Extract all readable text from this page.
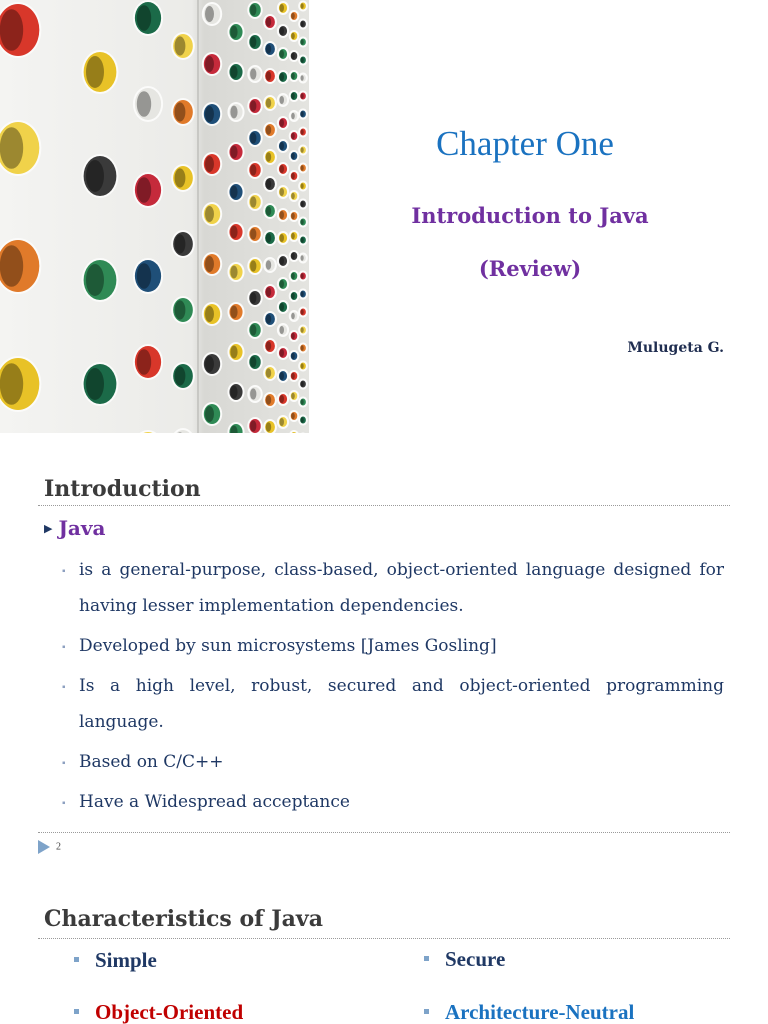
Chapter One
Introduction to Java
(Review)
Mulugeta G.
Introduction
▶ Java
▪ is a general-purpose, class-based, object-oriented language designed for having lesser implementation dependencies.
▪ Developed by sun microsystems [James Gosling]
▪ Is a high level, robust, secured and object-oriented programming language.
▪ Based on C/C++
▪ Have a Widespread acceptance
2
Characteristics of Java
Simple	Secure
Object-Oriented	Architecture-Neutral
